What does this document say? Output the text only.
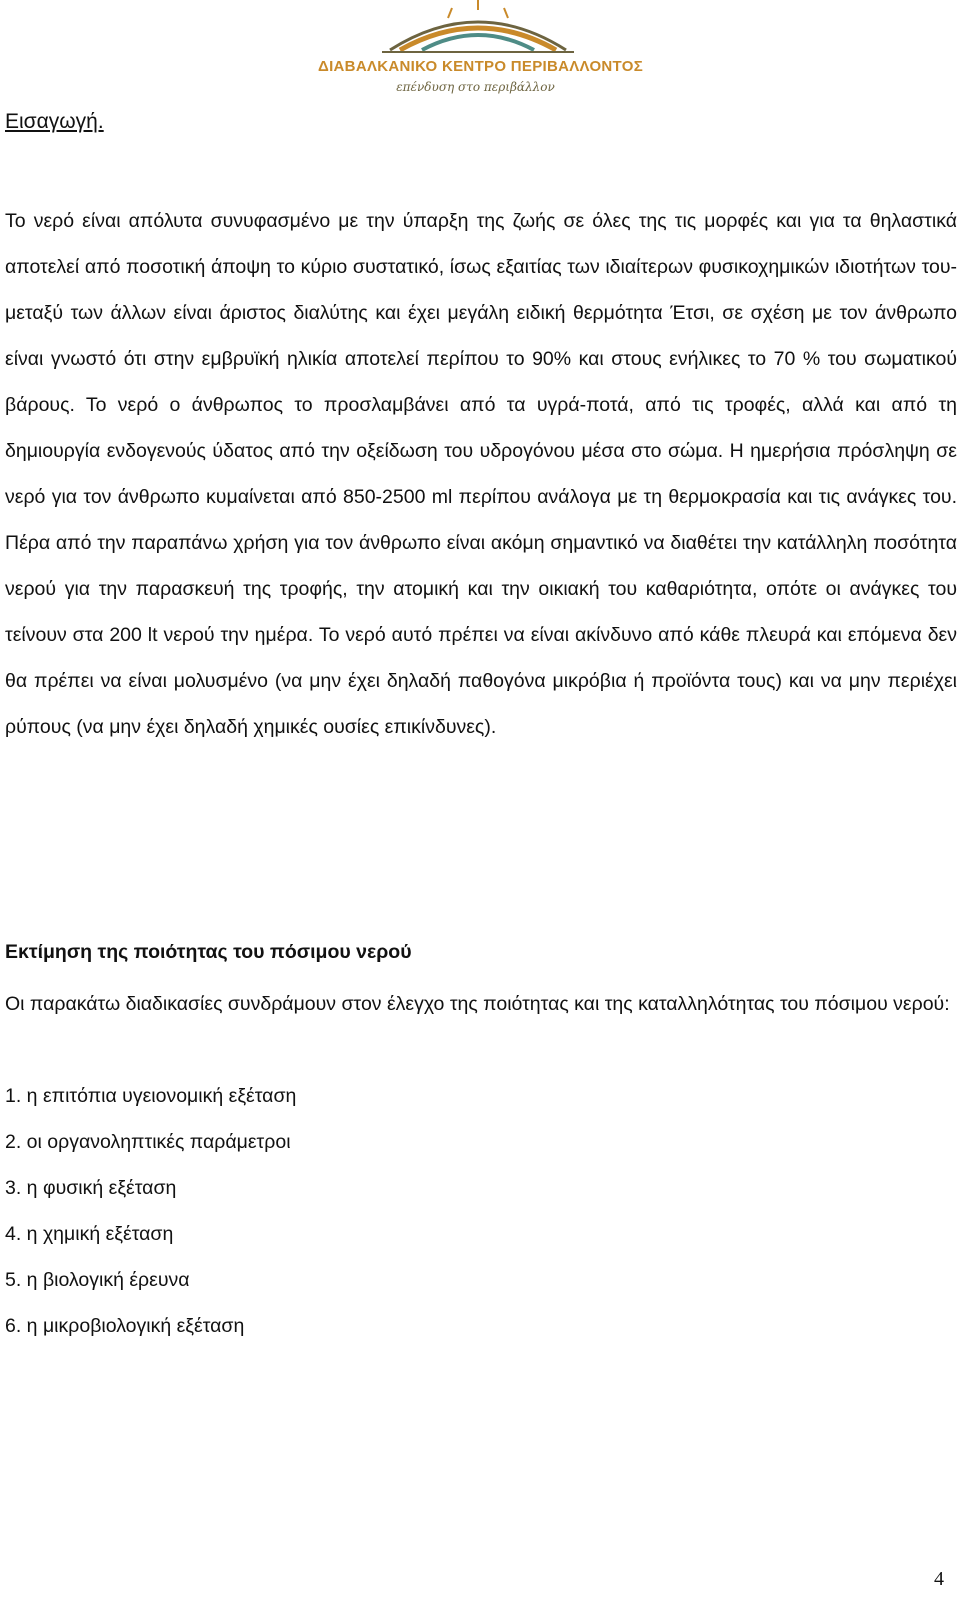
ΔΙΑΒΑΛΚΑΝΙΚΟ ΚΕΝΤΡΟ ΠΕΡΙΒΑΛΛΟΝΤΟΣ
επένδυση στο περιβάλλον
Εισαγωγή.

Το νερό είναι απόλυτα συνυφασμένο με την ύπαρξη της ζωής σε όλες της τις μορφές και για τα θηλαστικά αποτελεί από ποσοτική άποψη το κύριο συστατικό, ίσως εξαιτίας των ιδιαίτερων φυσικοχημικών ιδιοτήτων του-μεταξύ των άλλων είναι άριστος διαλύτης και έχει μεγάλη ειδική θερμότητα Έτσι, σε σχέση με τον άνθρωπο είναι γνωστό ότι στην εμβρυϊκή ηλικία αποτελεί περίπου το 90% και στους ενήλικες το 70 % του σωματικού βάρους. Το νερό ο άνθρωπος το προσλαμβάνει από τα υγρά-ποτά, από τις τροφές, αλλά και από τη δημιουργία ενδογενούς ύδατος από την οξείδωση του υδρογόνου μέσα στο σώμα. Η ημερήσια πρόσληψη σε νερό για τον άνθρωπο κυμαίνεται από 850-2500 ml περίπου ανάλογα με τη θερμοκρασία και τις ανάγκες του. Πέρα από την παραπάνω χρήση για τον άνθρωπο είναι ακόμη σημαντικό να διαθέτει την κατάλληλη ποσότητα νερού για την παρασκευή της τροφής, την ατομική και την οικιακή του καθαριότητα, οπότε οι ανάγκες του τείνουν στα 200 lt νερού την ημέρα. Το νερό αυτό πρέπει να είναι ακίνδυνο από κάθε πλευρά και επόμενα δεν θα πρέπει να είναι μολυσμένο (να μην έχει δηλαδή παθογόνα μικρόβια ή προϊόντα τους) και να μην περιέχει ρύπους (να μην έχει δηλαδή χημικές ουσίες επικίνδυνες).

Εκτίμηση της ποιότητας του πόσιμου νερού

Οι παρακάτω διαδικασίες συνδράμουν στον έλεγχο της ποιότητας και της καταλληλότητας του πόσιμου νερού:

1. η επιτόπια υγειονομική εξέταση
2. οι οργανοληπτικές παράμετροι
3. η φυσική εξέταση
4. η χημική εξέταση
5. η βιολογική έρευνα
6. η μικροβιολογική εξέταση
4
